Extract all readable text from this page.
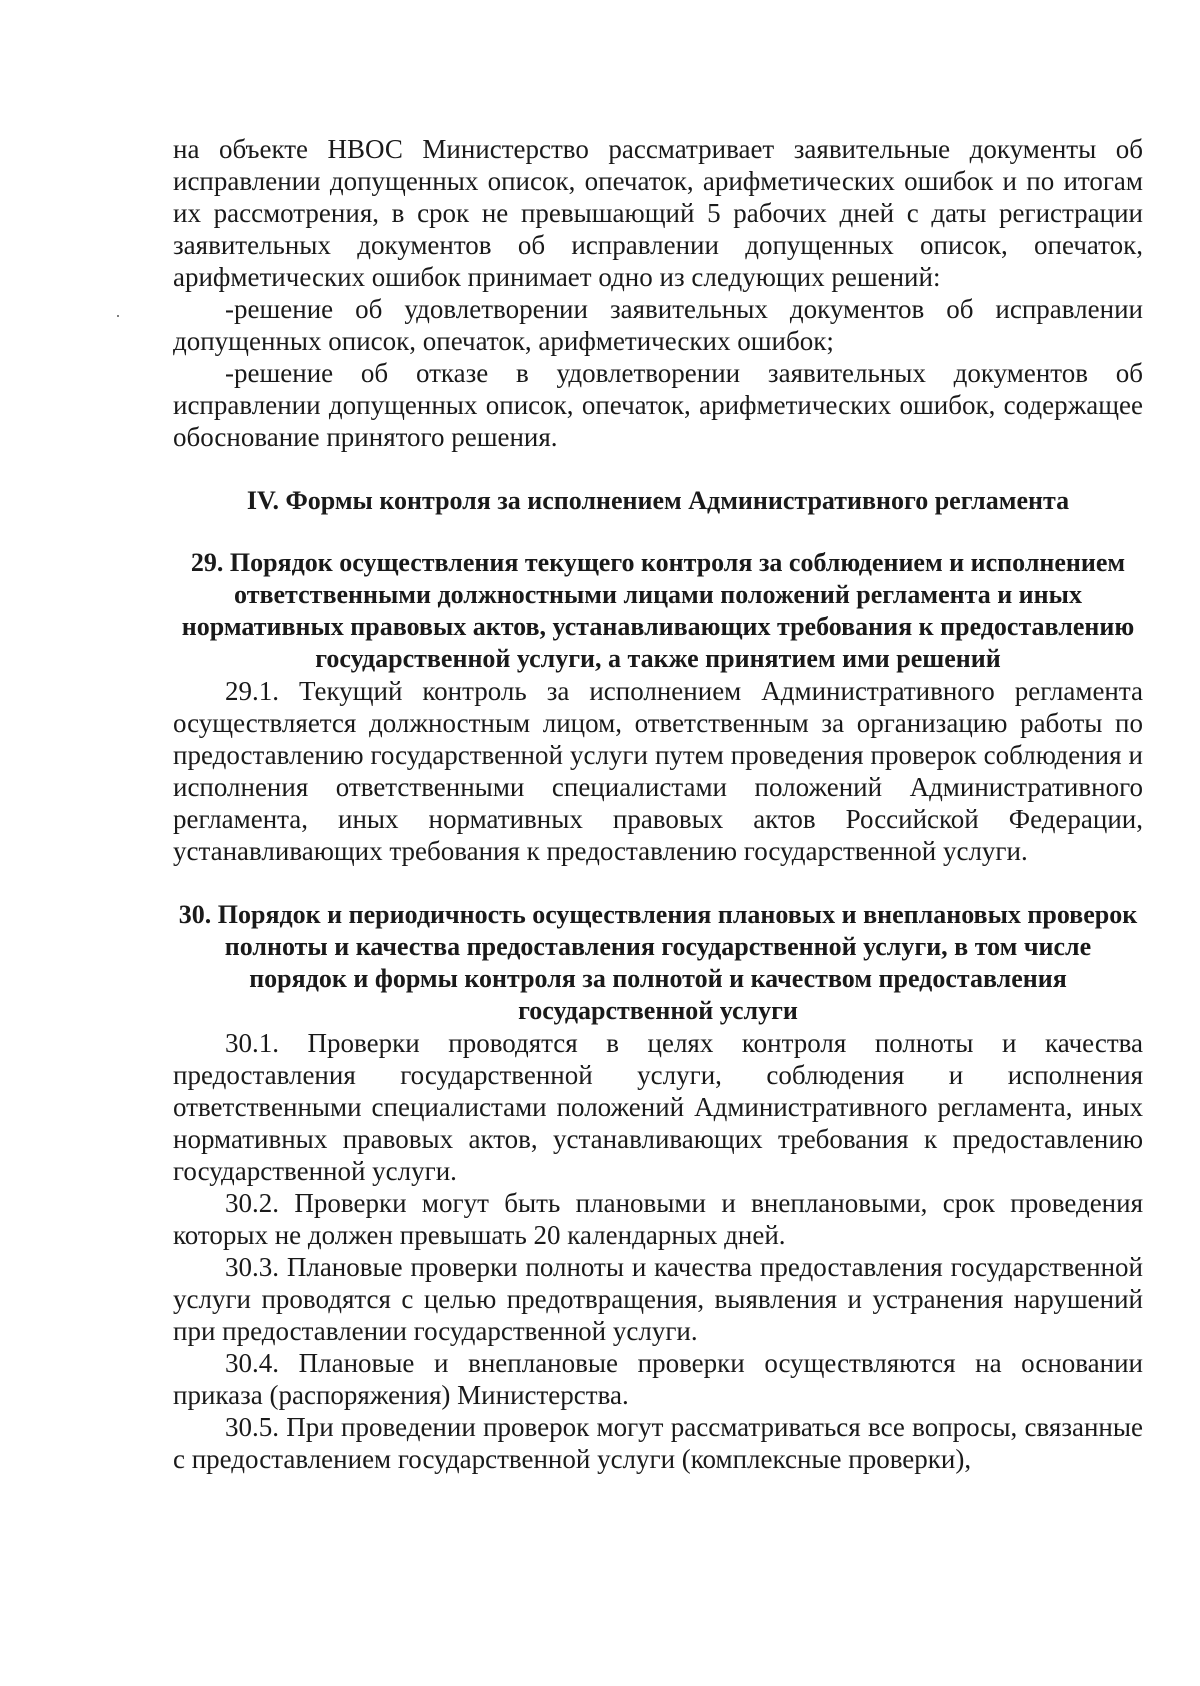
на объекте НВОС Министерство рассматривает заявительные документы об исправлении допущенных описок, опечаток, арифметических ошибок и по итогам их рассмотрения, в срок не превышающий 5 рабочих дней с даты регистрации заявительных документов об исправлении допущенных описок, опечаток, арифметических ошибок принимает одно из следующих решений:

-решение об удовлетворении заявительных документов об исправлении допущенных описок, опечаток, арифметических ошибок;

-решение об отказе в удовлетворении заявительных документов об исправлении допущенных описок, опечаток, арифметических ошибок, содержащее обоснование принятого решения.

IV. Формы контроля за исполнением Административного регламента
29. Порядок осуществления текущего контроля за соблюдением и исполнением ответственными должностными лицами положений регламента и иных нормативных правовых актов, устанавливающих требования к предоставлению государственной услуги, а также принятием ими решений

29.1. Текущий контроль за исполнением Административного регламента осуществляется должностным лицом, ответственным за организацию работы по предоставлению государственной услуги путем проведения проверок соблюдения и исполнения ответственными специалистами положений Административного регламента, иных нормативных правовых актов Российской Федерации, устанавливающих требования к предоставлению государственной услуги.

30. Порядок и периодичность осуществления плановых и внеплановых проверок полноты и качества предоставления государственной услуги, в том числе порядок и формы контроля за полнотой и качеством предоставления государственной услуги

30.1. Проверки проводятся в целях контроля полноты и качества предоставления государственной услуги, соблюдения и исполнения ответственными специалистами положений Административного регламента, иных нормативных правовых актов, устанавливающих требования к предоставлению государственной услуги.

30.2. Проверки могут быть плановыми и внеплановыми, срок проведения которых не должен превышать 20 календарных дней.

30.3. Плановые проверки полноты и качества предоставления государственной услуги проводятся с целью предотвращения, выявления и устранения нарушений при предоставлении государственной услуги.

30.4. Плановые и внеплановые проверки осуществляются на основании приказа (распоряжения) Министерства.

30.5. При проведении проверок могут рассматриваться все вопросы, связанные с предоставлением государственной услуги (комплексные проверки),
